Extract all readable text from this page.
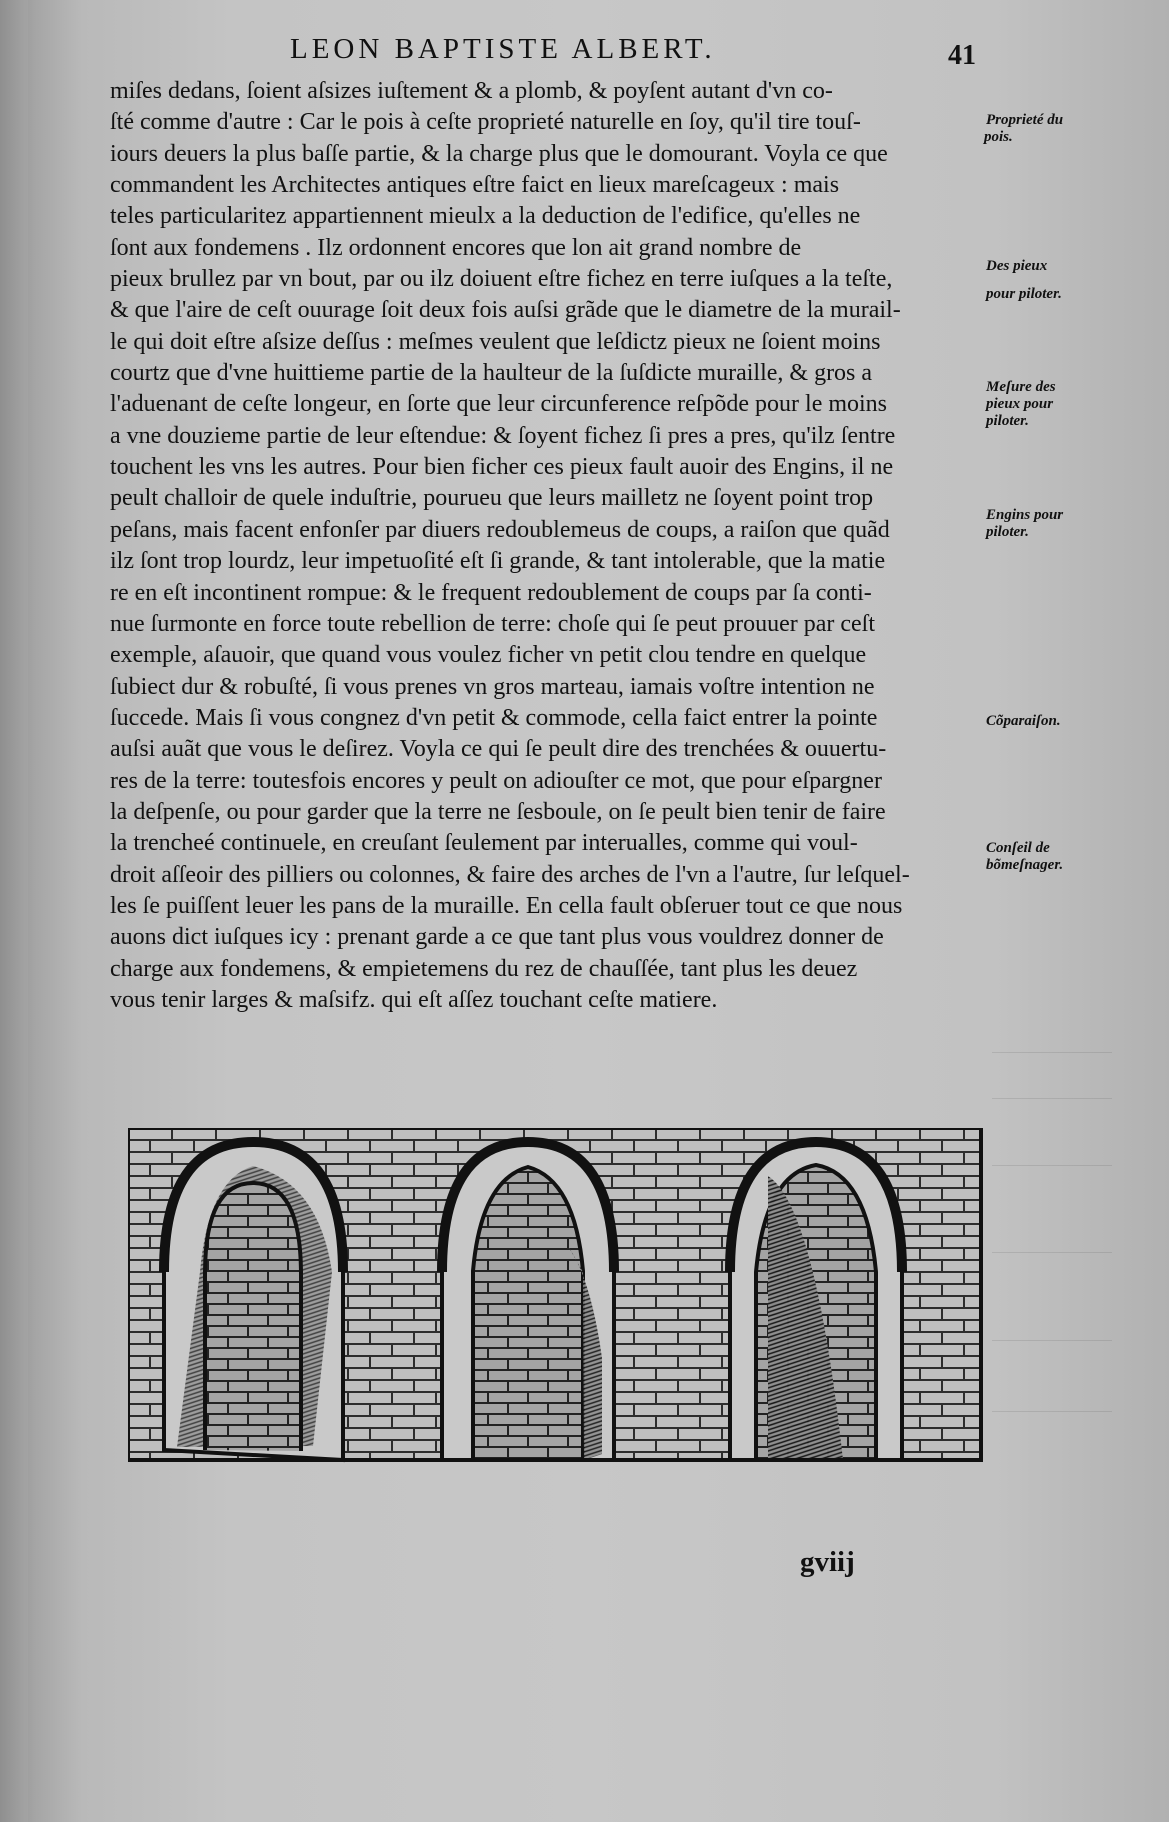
LEON BAPTISTE ALBERT.	41
miſes dedans, ſoient aſsizes iuſtement & a plomb, & poyſent autant d'vn co-
ſté comme d'autre : Car le pois à ceſte proprieté naturelle en ſoy, qu'il tire touſ-
iours deuers la plus baſſe partie, & la charge plus que le domourant. Voyla ce que
commandent les Architectes antiques eſtre faict en lieux mareſcageux : mais
teles particularitez appartiennent mieulx a la deduction de l'edifice, qu'elles ne
ſont aux fondemens . Ilz ordonnent encores que lon ait grand nombre de
pieux brullez par vn bout, par ou ilz doiuent eſtre fichez en terre iuſques a la teſte,
& que l'aire de ceſt ouurage ſoit deux fois auſsi grãde que le diametre de la murail-
le qui doit eſtre aſsize deſſus : meſmes veulent que leſdictz pieux ne ſoient moins
courtz que d'vne huittieme partie de la haulteur de la ſuſdicte muraille, & gros a
l'aduenant de ceſte longeur, en ſorte que leur circunference reſpõde pour le moins
a vne douzieme partie de leur eſtendue: & ſoyent fichez ſi pres a pres, qu'ilz ſentre
touchent les vns les autres. Pour bien ficher ces pieux fault auoir des Engins, il ne
peult challoir de quele induſtrie, pourueu que leurs mailletz ne ſoyent point trop
peſans, mais facent enfonſer par diuers redoublemeus de coups, a raiſon que quãd
ilz ſont trop lourdz, leur impetuoſité eſt ſi grande, & tant intolerable, que la matie
re en eſt incontinent rompue: & le frequent redoublement de coups par ſa conti-
nue ſurmonte en force toute rebellion de terre: choſe qui ſe peut prouuer par ceſt
exemple, aſauoir, que quand vous voulez ficher vn petit clou tendre en quelque
ſubiect dur & robuſté, ſi vous prenes vn gros marteau, iamais voſtre intention ne
ſuccede. Mais ſi vous congnez d'vn petit & commode, cella faict entrer la pointe
auſsi auãt que vous le deſirez. Voyla ce qui ſe peult dire des trenchées & ouuertu-
res de la terre: toutesfois encores y peult on adiouſter ce mot, que pour eſpargner
la deſpenſe, ou pour garder que la terre ne ſesboule, on ſe peult bien tenir de faire
la trencheé continuele, en creuſant ſeulement par interualles, comme qui voul-
droit aſſeoir des pilliers ou colonnes, & faire des arches de l'vn a l'autre, ſur leſquel-
les ſe puiſſent leuer les pans de la muraille. En cella fault obſeruer tout ce que nous
auons dict iuſques icy : prenant garde a ce que tant plus vous vouldrez donner de
charge aux fondemens, & empietemens du rez de chauſſée, tant plus les deuez
vous tenir larges & maſsifz. qui eſt aſſez touchant ceſte matiere.
Proprieté du
pois.
Des pieux
pour piloter.
Meſure des
pieux pour
piloter.
Engins pour
piloter.
Cõparaiſon.
Conſeil de
bõmeſnager.
gviij
